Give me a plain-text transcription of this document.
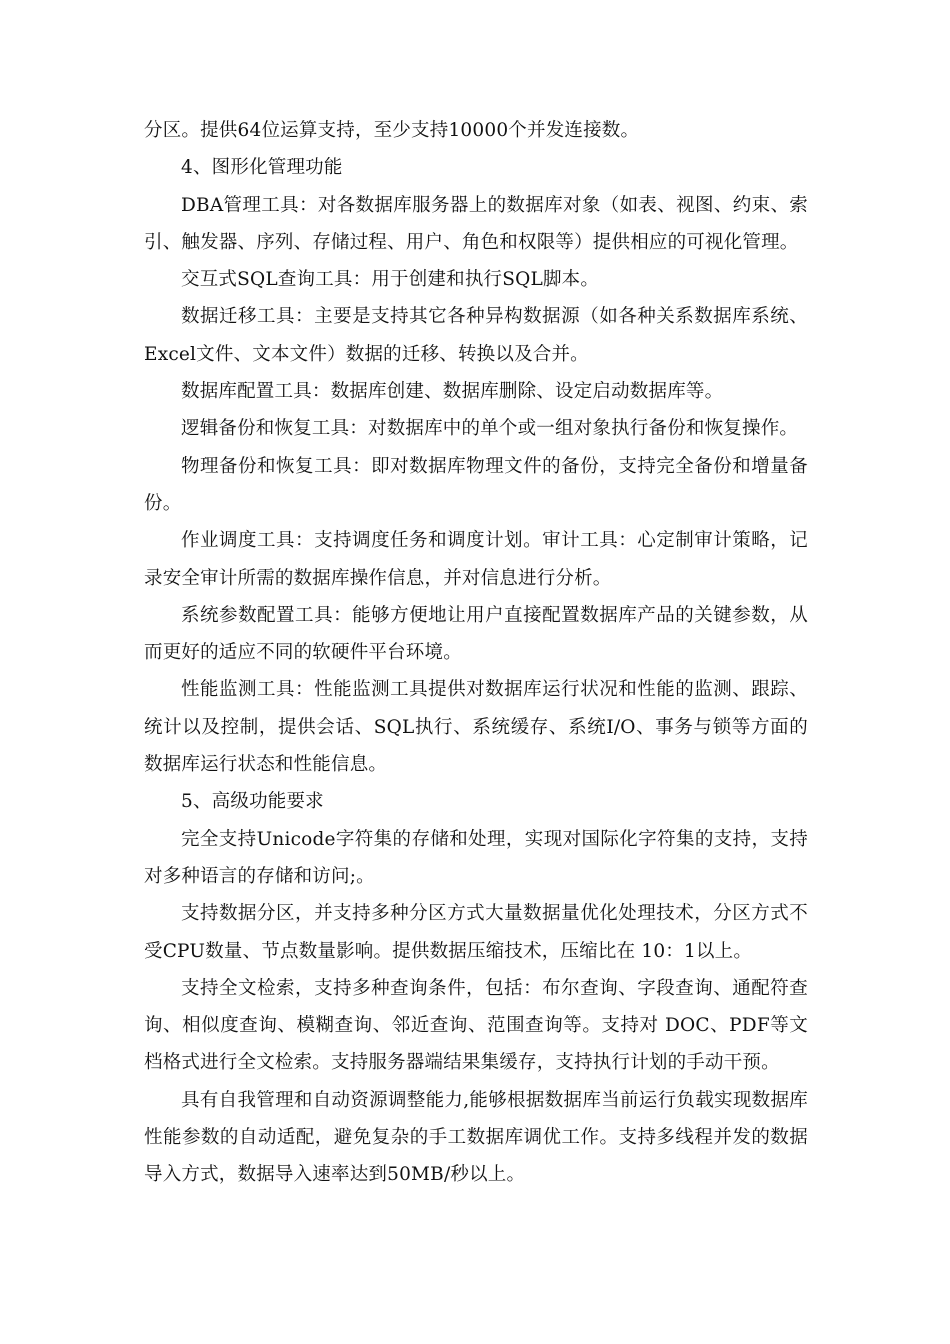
分区。提供64位运算支持，至少支持10000个并发连接数。

4、图形化管理功能

DBA管理工具：对各数据库服务器上的数据库对象（如表、视图、约束、索引、触发器、序列、存储过程、用户、角色和权限等）提供相应的可视化管理。

交互式SQL查询工具：用于创建和执行SQL脚本。

数据迁移工具：主要是支持其它各种异构数据源（如各种关系数据库系统、Excel文件、文本文件）数据的迁移、转换以及合并。

数据库配置工具：数据库创建、数据库删除、设定启动数据库等。

逻辑备份和恢复工具：对数据库中的单个或一组对象执行备份和恢复操作。

物理备份和恢复工具：即对数据库物理文件的备份，支持完全备份和增量备份。

作业调度工具：支持调度任务和调度计划。审计工具：心定制审计策略，记录安全审计所需的数据库操作信息，并对信息进行分析。

系统参数配置工具：能够方便地让用户直接配置数据库产品的关键参数，从而更好的适应不同的软硬件平台环境。

性能监测工具：性能监测工具提供对数据库运行状况和性能的监测、跟踪、统计以及控制，提供会话、SQL执行、系统缓存、系统I/O、事务与锁等方面的数据库运行状态和性能信息。

5、高级功能要求

完全支持Unicode字符集的存储和处理，实现对国际化字符集的支持，支持对多种语言的存储和访问;。

支持数据分区，并支持多种分区方式大量数据量优化处理技术，分区方式不受CPU数量、节点数量影响。提供数据压缩技术，压缩比在 10：1以上。

支持全文检索，支持多种查询条件，包括：布尔查询、字段查询、通配符查询、相似度查询、模糊查询、邻近查询、范围查询等。支持对 DOC、PDF等文档格式进行全文检索。支持服务器端结果集缓存，支持执行计划的手动干预。

具有自我管理和自动资源调整能力,能够根据数据库当前运行负载实现数据库性能参数的自动适配，避免复杂的手工数据库调优工作。支持多线程并发的数据导入方式，数据导入速率达到50MB/秒以上。
